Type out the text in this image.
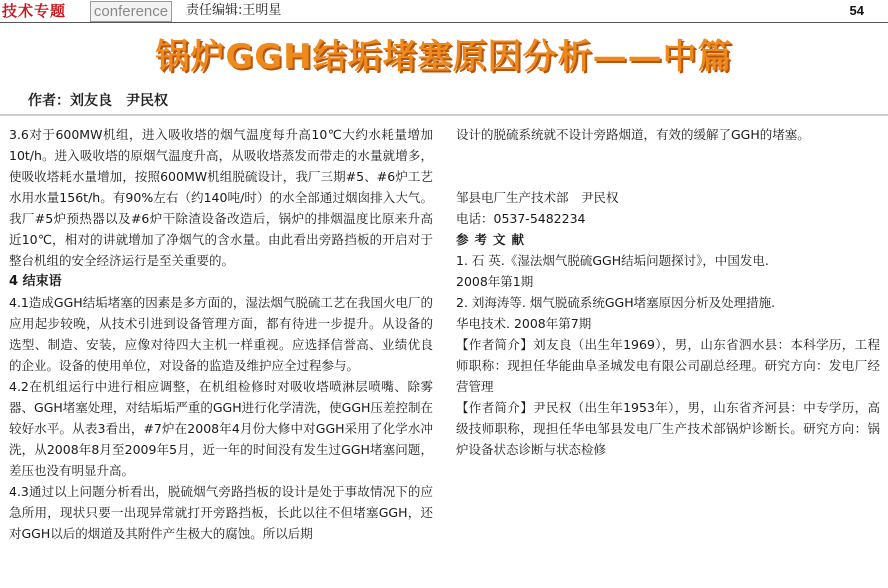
技术专题 conference 责任编辑:王明星	54
锅炉GGH结垢堵塞原因分析——中篇
作者：刘友良　尹民权

3.6对于600MW机组，进入吸收塔的烟气温度每升高10℃大约水耗量增加10t/h。进入吸收塔的原烟气温度升高，从吸收塔蒸发而带走的水量就增多，使吸收塔耗水量增加，按照600MW机组脱硫设计，我厂三期#5、#6炉工艺水用水量156t/h。有90%左右（约140吨/时）的水全部通过烟囱排入大气。我厂#5炉预热器以及#6炉干除渣设备改造后，锅炉的排烟温度比原来升高近10℃，相对的讲就增加了净烟气的含水量。由此看出旁路挡板的开启对于整台机组的安全经济运行是至关重要的。

4 结束语

4.1造成GGH结垢堵塞的因素是多方面的，湿法烟气脱硫工艺在我国火电厂的应用起步较晚，从技术引进到设备管理方面，都有待进一步提升。从设备的选型、制造、安装，应像对待四大主机一样重视。应选择信誉高、业绩优良的企业。设备的使用单位，对设备的监造及维护应全过程参与。

4.2在机组运行中进行相应调整，在机组检修时对吸收塔喷淋层喷嘴、除雾器、GGH堵塞处理，对结垢垢严重的GGH进行化学清洗，使GGH压差控制在较好水平。从表3看出，#7炉在2008年4月份大修中对GGH采用了化学水冲洗，从2008年8月至2009年5月，近一年的时间没有发生过GGH堵塞问题，差压也没有明显升高。

4.3通过以上问题分析看出，脱硫烟气旁路挡板的设计是处于事故情况下的应急所用，现状只要一出现异常就打开旁路挡板，长此以往不但堵塞GGH，还对GGH以后的烟道及其附件产生极大的腐蚀。所以后期

设计的脱硫系统就不设计旁路烟道，有效的缓解了GGH的堵塞。

邹县电厂生产技术部　尹民权

电话：0537-5482234

参考文献

1. 石 英.《湿法烟气脱硫GGH结垢问题探讨》，中国发电.

2008年第1期

2. 刘海涛等. 烟气脱硫系统GGH堵塞原因分析及处理措施.

华电技术. 2008年第7期

【作者简介】刘友良（出生年1969），男，山东省泗水县：本科学历，工程师职称：现担任华能曲阜圣城发电有限公司副总经理。研究方向：发电厂经营管理

【作者简介】尹民权（出生年1953年），男，山东省齐河县：中专学历，高级技师职称，现担任华电邹县发电厂生产技术部锅炉诊断长。研究方向：锅炉设备状态诊断与状态检修
